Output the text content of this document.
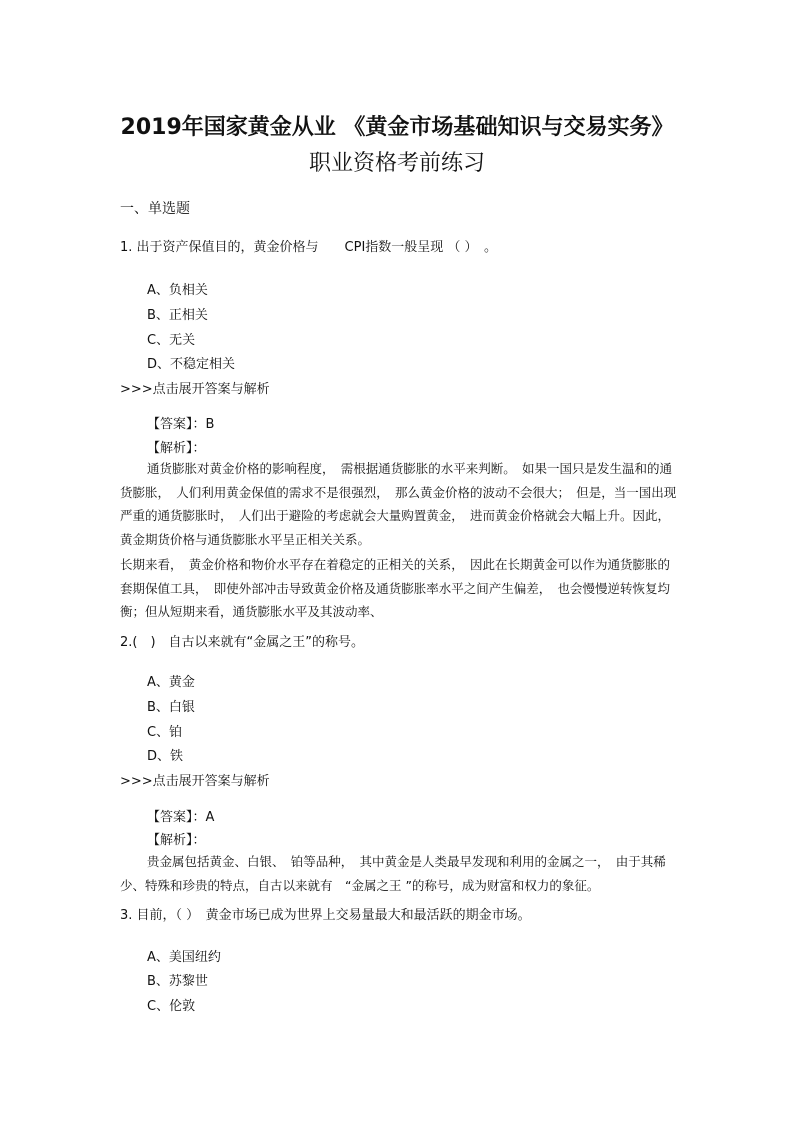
2019年国家黄金从业 《黄金市场基础知识与交易实务》
职业资格考前练习
一、单选题
1. 出于资产保值目的，黄金价格与　　CPI指数一般呈现 （ ）　。
A、负相关
B、正相关
C、无关
D、不稳定相关
>>>点击展开答案与解析
【答案】：B
【解析】：
通货膨胀对黄金价格的影响程度，　需根据通货膨胀的水平来判断。　如果一国只是发生温和的通货膨胀，　人们利用黄金保值的需求不是很强烈，　那么黄金价格的波动不会很大；　但是，当一国出现严重的通货膨胀时，　人们出于避险的考虑就会大量购置黄金，　进而黄金价格就会大幅上升。因此，黄金期货价格与通货膨胀水平呈正相关关系。
长期来看，　黄金价格和物价水平存在着稳定的正相关的关系，　因此在长期黄金可以作为通货膨胀的套期保值工具，　即使外部冲击导致黄金价格及通货膨胀率水平之间产生偏差，　也会慢慢逆转恢复均衡；但从短期来看，通货膨胀水平及其波动率、
2.(　)　自古以来就有“金属之王”的称号。
A、黄金
B、白银
C、铂
D、铁
>>>点击展开答案与解析
【答案】：A
【解析】：
贵金属包括黄金、白银、　铂等品种，　其中黄金是人类最早发现和利用的金属之一，　由于其稀少、特殊和珍贵的特点，自古以来就有　“金属之王 ”的称号，成为财富和权力的象征。
3. 目前，（ ）　黄金市场已成为世界上交易量最大和最活跃的期金市场。
A、美国纽约
B、苏黎世
C、伦敦
